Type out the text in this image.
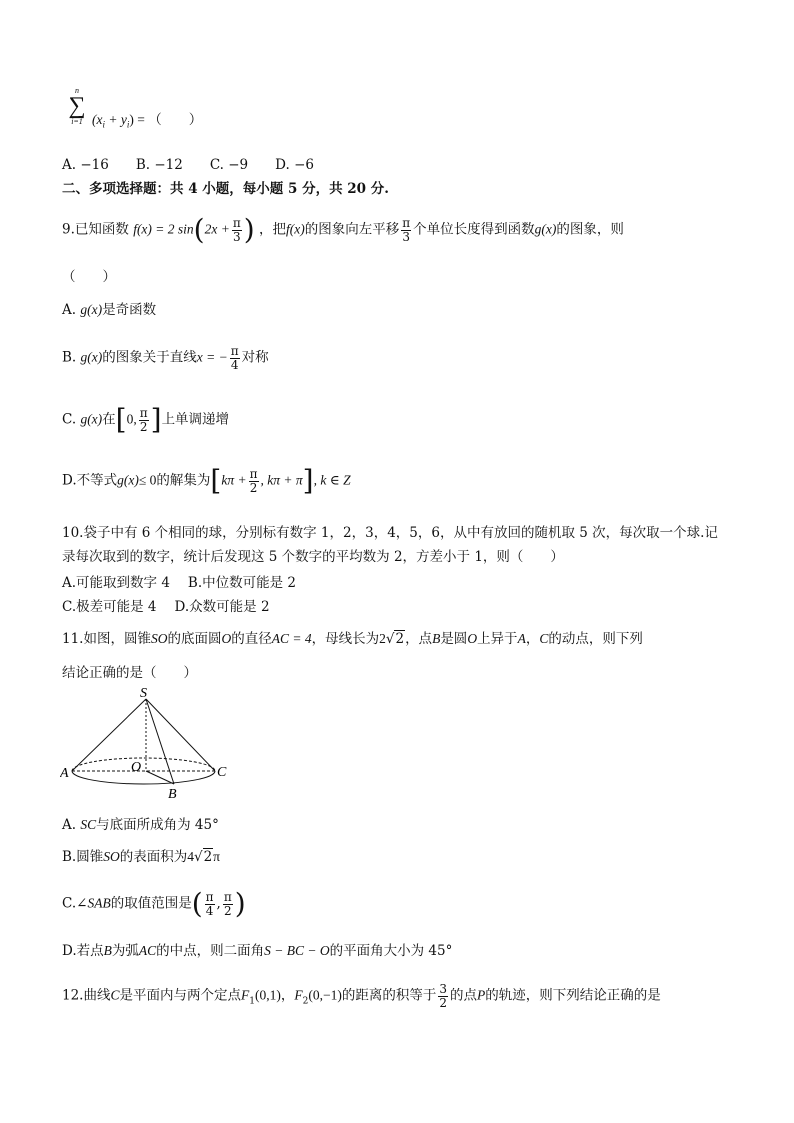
n
∑
i=1 $(x_i + y_i)$ = （　　）
A. −16　　B. −12　　C. −9　　D. −6
二、多项选择题：共 4 小题，每小题 5 分，共 20 分.
9.已知函数 f(x) = 2 $\sin(2x + \frac{\pi}{3}$ ) ，把f(x)的图象向左平移 $\frac{\pi}{3}$ 个单位长度得到函数g(x)的图象，则
（　　）
A. g(x)是奇函数
B. g(x)的图象关于直线x = − $\frac{\pi}{4}$ 对称
C. g(x)在[0, $\frac{\pi}{2}$ ]上单调递增
D.不等式g(x)≤ 0的解集为[$k\pi + \frac{\pi}{2}$ , kπ + π], k ∈ Z
10.袋子中有 6 个相同的球，分别标有数字 1，2，3，4，5，6，从中有放回的随机取 5 次，每次取一个球.记
录每次取到的数字，统计后发现这 5 个数字的平均数为 2，方差小于 1，则（　　）
A.可能取到数字 4 B.中位数可能是 2
C.极差可能是 4 D.众数可能是 2
11.如图，圆锥SO的底面圆O的直径AC = 4，母线长为2√2，点B是圆O上异于A，C的动点，则下列
结论正确的是（　　）
S
A	O	C
B
A. SC与底面所成角为 45°
B.圆锥SO的表面积为4√2π
C.∠SAB的取值范围是( $\frac{\pi}{4}$ , $\frac{\pi}{2}$ )
D.若点B为弧AC的中点，则二面角S − BC − O的平面角大小为 45°
12.曲线C是平面内与两个定点$F_1(0,1)$，$F_2(0,-1)$的距离的积等于 $\frac{3}{2}$ 的点P的轨迹，则下列结论正确的是
